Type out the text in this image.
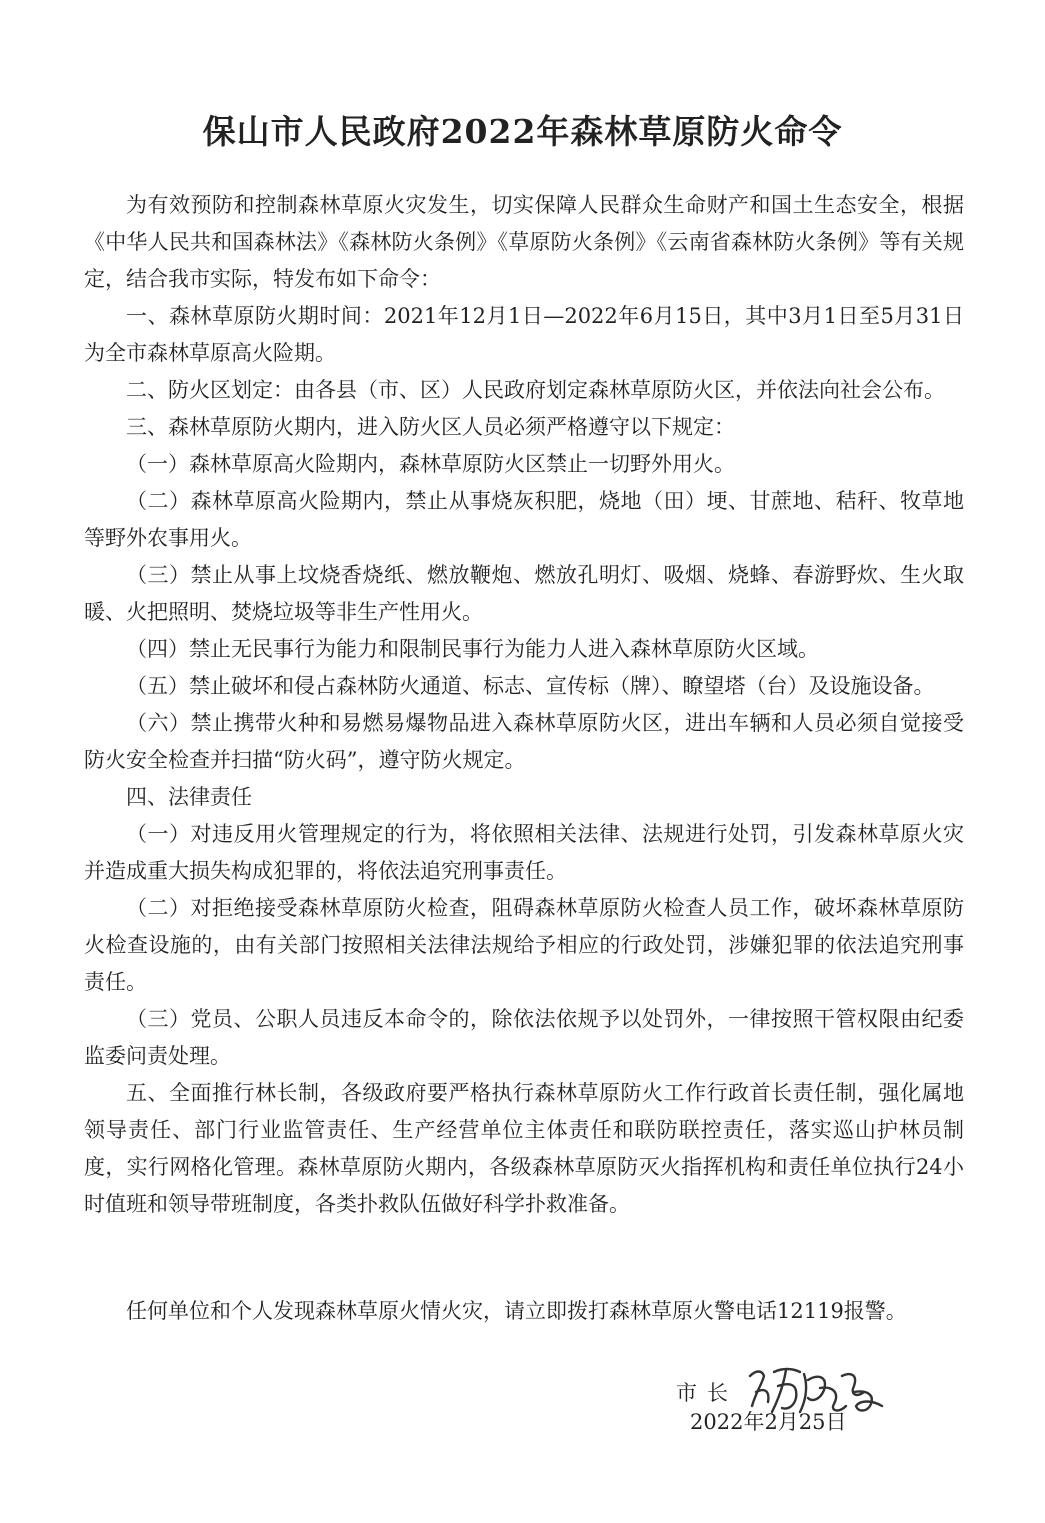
保山市人民政府2022年森林草原防火命令

为有效预防和控制森林草原火灾发生，切实保障人民群众生命财产和国土生态安全，根据《中华人民共和国森林法》《森林防火条例》《草原防火条例》《云南省森林防火条例》等有关规定，结合我市实际，特发布如下命令：

一、森林草原防火期时间：2021年12月1日—2022年6月15日，其中3月1日至5月31日为全市森林草原高火险期。

二、防火区划定：由各县（市、区）人民政府划定森林草原防火区，并依法向社会公布。

三、森林草原防火期内，进入防火区人员必须严格遵守以下规定：

（一）森林草原高火险期内，森林草原防火区禁止一切野外用火。

（二）森林草原高火险期内，禁止从事烧灰积肥，烧地（田）埂、甘蔗地、秸秆、牧草地等野外农事用火。

（三）禁止从事上坟烧香烧纸、燃放鞭炮、燃放孔明灯、吸烟、烧蜂、春游野炊、生火取暖、火把照明、焚烧垃圾等非生产性用火。

（四）禁止无民事行为能力和限制民事行为能力人进入森林草原防火区域。

（五）禁止破坏和侵占森林防火通道、标志、宣传标（牌）、瞭望塔（台）及设施设备。

（六）禁止携带火种和易燃易爆物品进入森林草原防火区，进出车辆和人员必须自觉接受防火安全检查并扫描“防火码”，遵守防火规定。

四、法律责任

（一）对违反用火管理规定的行为，将依照相关法律、法规进行处罚，引发森林草原火灾并造成重大损失构成犯罪的，将依法追究刑事责任。

（二）对拒绝接受森林草原防火检查，阻碍森林草原防火检查人员工作，破坏森林草原防火检查设施的，由有关部门按照相关法律法规给予相应的行政处罚，涉嫌犯罪的依法追究刑事责任。

（三）党员、公职人员违反本命令的，除依法依规予以处罚外，一律按照干管权限由纪委监委问责处理。

五、全面推行林长制，各级政府要严格执行森林草原防火工作行政首长责任制，强化属地领导责任、部门行业监管责任、生产经营单位主体责任和联防联控责任，落实巡山护林员制度，实行网格化管理。森林草原防火期内，各级森林草原防灭火指挥机构和责任单位执行24小时值班和领导带班制度，各类扑救队伍做好科学扑救准备。

任何单位和个人发现森林草原火情火灾，请立即拨打森林草原火警电话12119报警。

市长
2022年2月25日
